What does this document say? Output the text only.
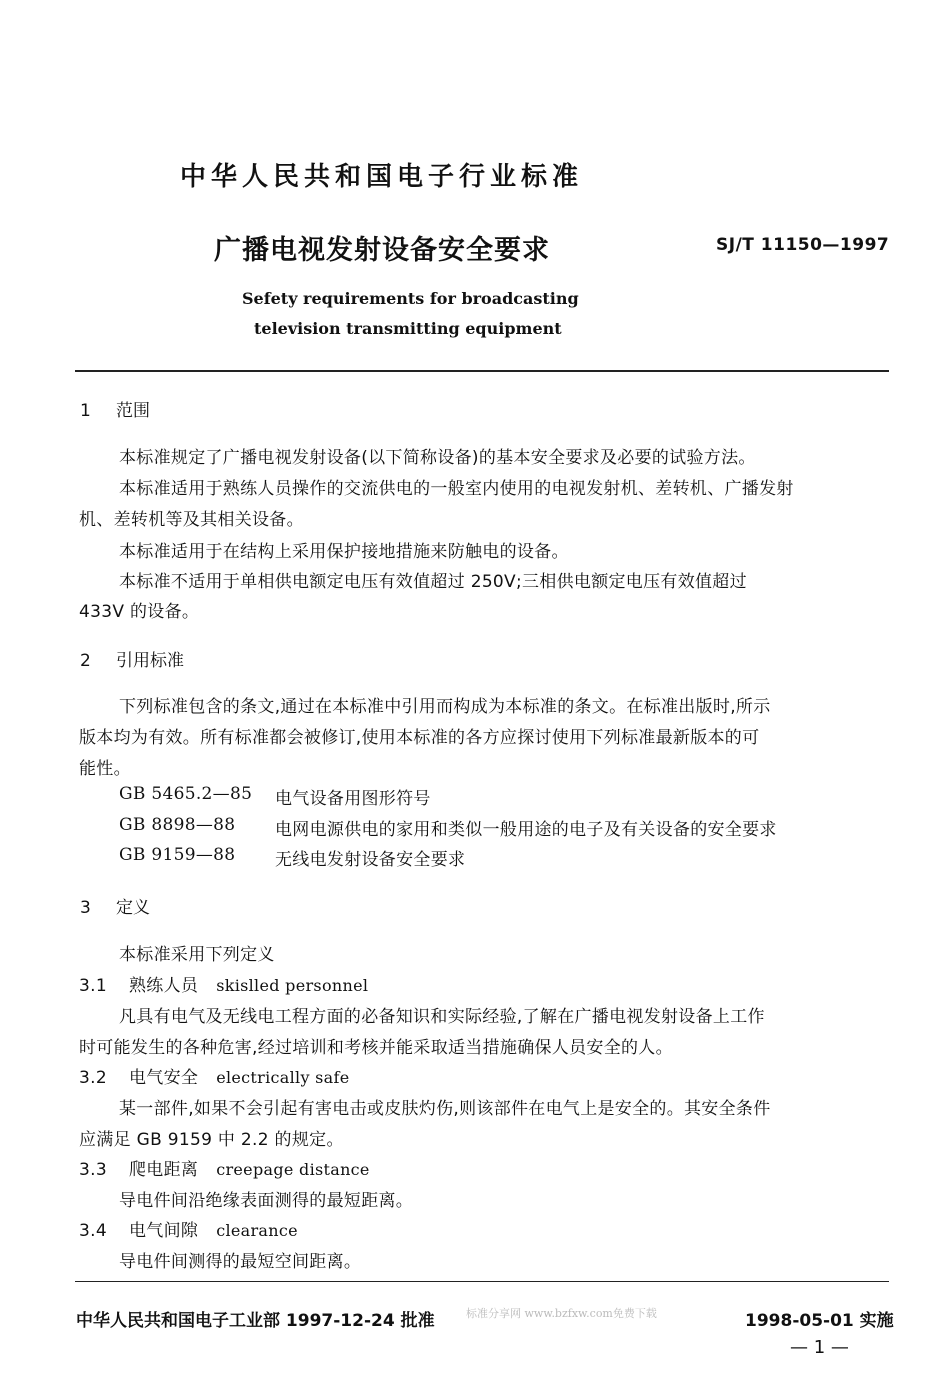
中华人民共和国电子行业标准
广播电视发射设备安全要求	SJ/T 11150—1997
Sefety requirements for broadcasting
television transmitting equipment
1 范围
本标准规定了广播电视发射设备(以下简称设备)的基本安全要求及必要的试验方法。
本标准适用于熟练人员操作的交流供电的一般室内使用的电视发射机、差转机、广播发射
机、差转机等及其相关设备。
本标准适用于在结构上采用保护接地措施来防触电的设备。
本标准不适用于单相供电额定电压有效值超过 250V;三相供电额定电压有效值超过
433V 的设备。
2 引用标准
下列标准包含的条文,通过在本标准中引用而构成为本标准的条文。在标准出版时,所示
版本均为有效。所有标准都会被修订,使用本标准的各方应探讨使用下列标准最新版本的可
能性。
GB 5465.2—85 电气设备用图形符号
GB 8898—88 电网电源供电的家用和类似一般用途的电子及有关设备的安全要求
GB 9159—88 无线电发射设备安全要求
3 定义
本标准采用下列定义
3.1 熟练人员 skislled personnel
凡具有电气及无线电工程方面的必备知识和实际经验,了解在广播电视发射设备上工作
时可能发生的各种危害,经过培训和考核并能采取适当措施确保人员安全的人。
3.2 电气安全 electrically safe
某一部件,如果不会引起有害电击或皮肤灼伤,则该部件在电气上是安全的。其安全条件
应满足 GB 9159 中 2.2 的规定。
3.3 爬电距离 creepage distance
导电件间沿绝缘表面测得的最短距离。
3.4 电气间隙 clearance
导电件间测得的最短空间距离。
中华人民共和国电子工业部 1997-12-24 批准	标准分享网 www.bzfxw.com免费下载	1998-05-01 实施
— 1 —
